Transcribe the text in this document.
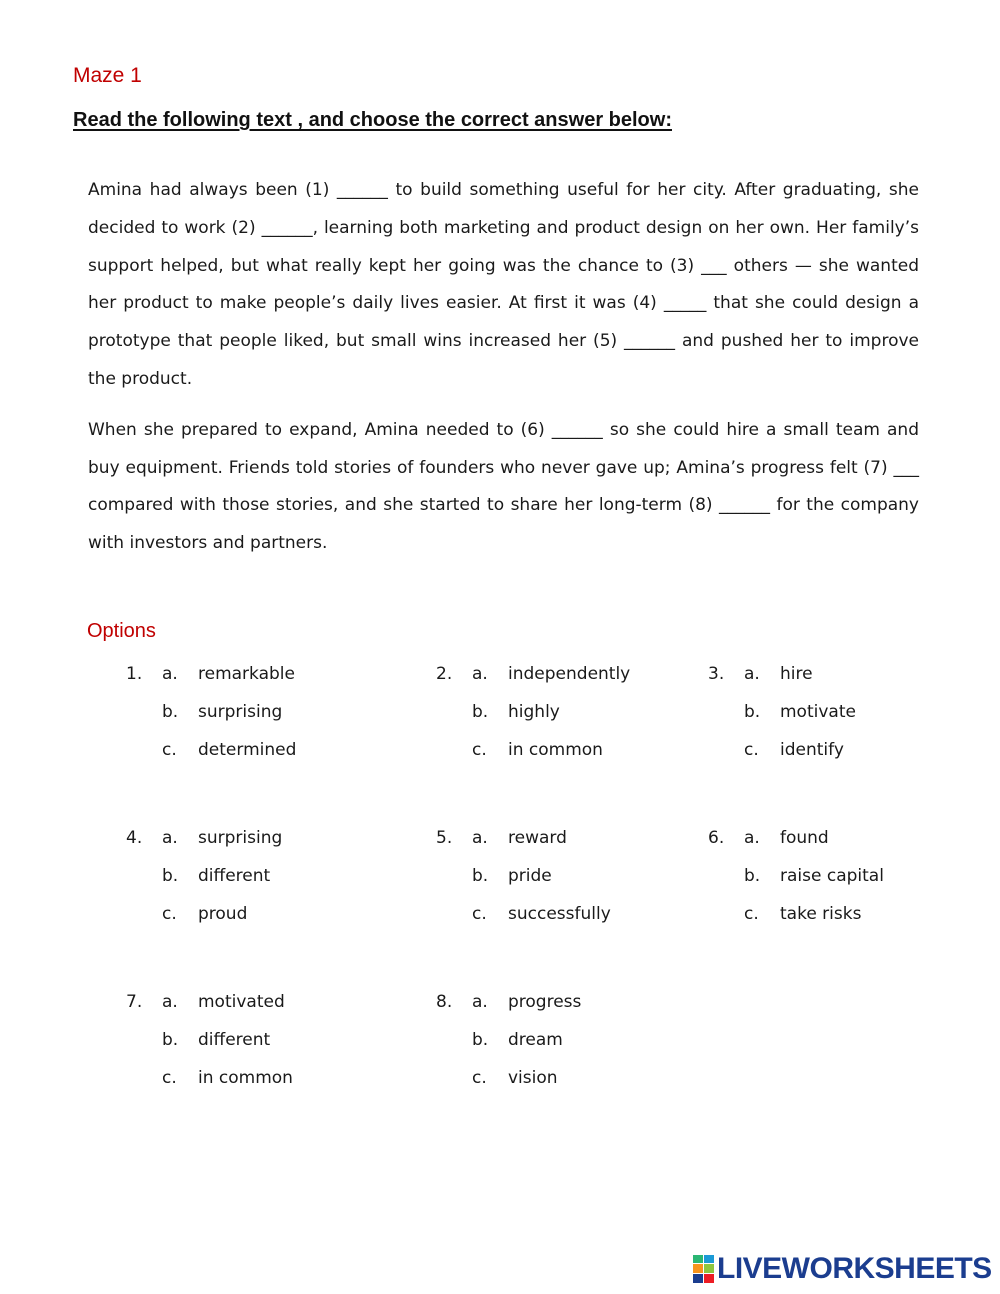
Maze 1
Read the following text , and choose the correct answer below:

Amina had always been (1) ______ to build something useful for her city. After graduating, she decided to work (2) ______, learning both marketing and product design on her own. Her family’s support helped, but what really kept her going was the chance to (3) ___ others — she wanted her product to make people’s daily lives easier. At first it was (4) _____ that she could design a prototype that people liked, but small wins increased her (5) ______ and pushed her to improve the product.

When she prepared to expand, Amina needed to (6) ______ so she could hire a small team and buy equipment. Friends told stories of founders who never gave up; Amina’s progress felt (7) ___ compared with those stories, and she started to share her long-term (8) ______ for the company with investors and partners.

Options
1. a. remarkable
b. surprising
c. determined
2. a. independently
b. highly
c. in common
3. a. hire
b. motivate
c. identify
4. a. surprising
b. different
c. proud
5. a. reward
b. pride
c. successfully
6. a. found
b. raise capital
c. take risks
7. a. motivated
b. different
c. in common
8. a. progress
b. dream
c. vision
LIVEWORKSHEETS
